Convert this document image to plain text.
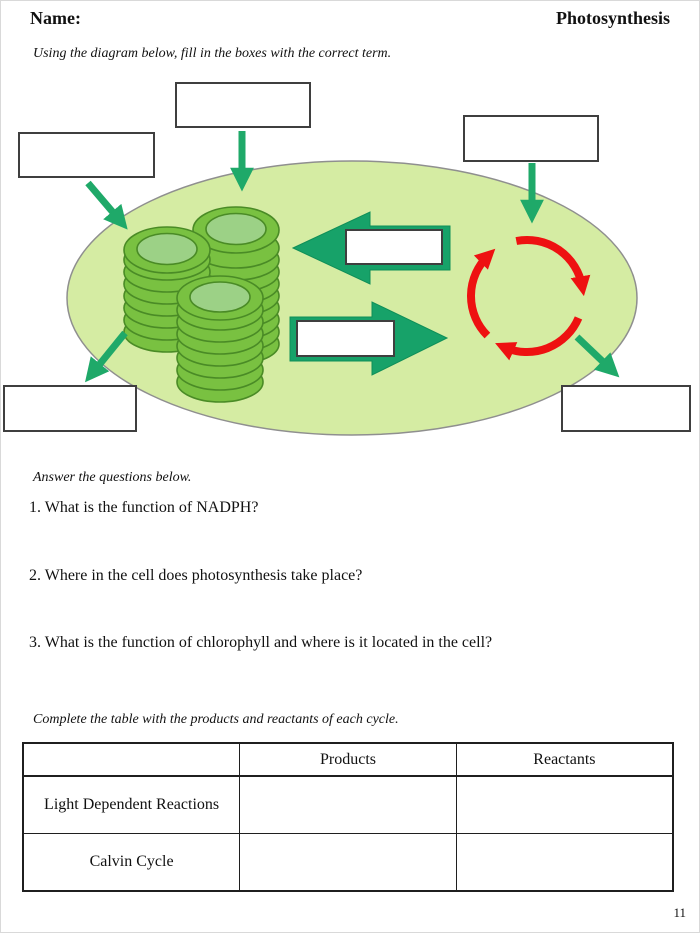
Name:	Photosynthesis
Using the diagram below, fill in the boxes with the correct term.
Answer the questions below.
1. What is the function of NADPH?
2. Where in the cell does photosynthesis take place?
3. What is the function of chlorophyll and where is it located in the cell?
Complete the table with the products and reactants of each cycle.
	Products	Reactants
Light Dependent Reactions		
Calvin Cycle		
11
